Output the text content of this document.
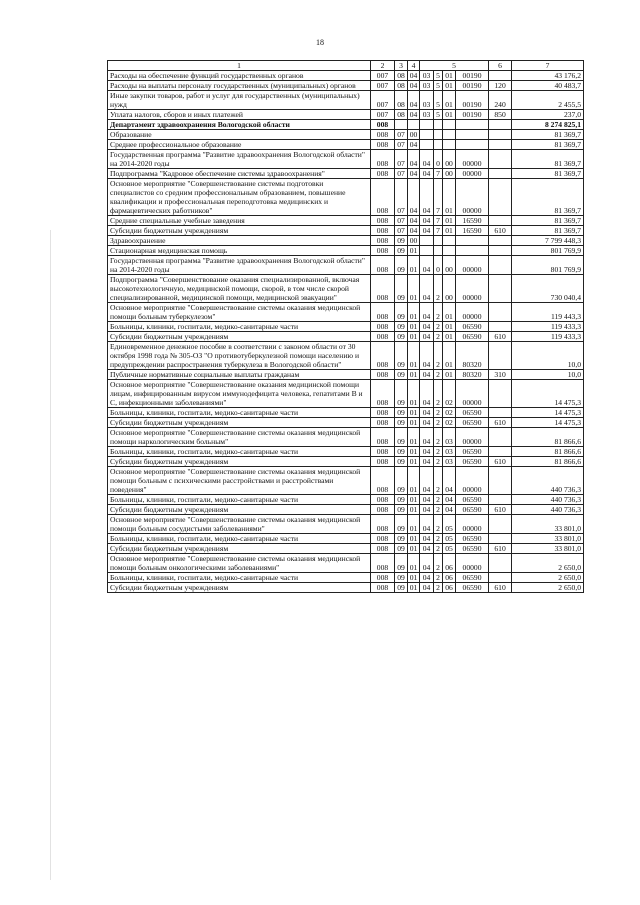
18
1	2	3	4	5				6	7
Расходы на обеспечение функций государственных органов	007	08	04	03	5	01	00190		43 176,2
Расходы на выплаты персоналу государственных (муниципальных) органов	007	08	04	03	5	01	00190	120	40 483,7
Иные закупки товаров, работ и услуг для государственных (муниципальных) нужд	007	08	04	03	5	01	00190	240	2 455,5
Уплата налогов, сборов и иных платежей	007	08	04	03	5	01	00190	850	237,0
Департамент здравоохранения Вологодской области	008								8 274 825,1
Образование	008	07	00						81 369,7
Среднее профессиональное образование	008	07	04						81 369,7
Государственная программа "Развитие здравоохранения Вологодской области" на 2014-2020 годы	008	07	04	04	0	00	00000		81 369,7
Подпрограмма "Кадровое обеспечение системы здравоохранения"	008	07	04	04	7	00	00000		81 369,7
Основное мероприятие "Совершенствование системы подготовки специалистов со средним профессиональным образованием, повышение квалификации и профессиональная переподготовка медицинских и фармацевтических работников"	008	07	04	04	7	01	00000		81 369,7
Средние специальные учебные заведения	008	07	04	04	7	01	16590		81 369,7
Субсидии бюджетным учреждениям	008	07	04	04	7	01	16590	610	81 369,7
Здравоохранение	008	09	00						7 799 448,3
Стационарная медицинская помощь	008	09	01						801 769,9
Государственная программа "Развитие здравоохранения Вологодской области" на 2014-2020 годы	008	09	01	04	0	00	00000		801 769,9
Подпрограмма "Совершенствование оказания специализированной, включая высокотехнологичную, медицинской помощи, скорой, в том числе скорой специализированной, медицинской помощи, медицинской эвакуации"	008	09	01	04	2	00	00000		730 040,4
Основное мероприятие "Совершенствование системы оказания медицинской помощи больным туберкулезом"	008	09	01	04	2	01	00000		119 443,3
Больницы, клиники, госпитали, медико-санитарные части	008	09	01	04	2	01	06590		119 433,3
Субсидии бюджетным учреждениям	008	09	01	04	2	01	06590	610	119 433,3
Единовременное денежное пособие в соответствии с законом области от 30 октября 1998 года № 305-ОЗ "О противотуберкулезной помощи населению и предупреждении распространения туберкулеза в Вологодской области"	008	09	01	04	2	01	80320		10,0
Публичные нормативные социальные выплаты гражданам	008	09	01	04	2	01	80320	310	10,0
Основное мероприятие "Совершенствование оказания медицинской помощи лицам, инфицированным вирусом иммунодефицита человека, гепатитами В и С, инфекционными заболеваниями"	008	09	01	04	2	02	00000		14 475,3
Больницы, клиники, госпитали, медико-санитарные части	008	09	01	04	2	02	06590		14 475,3
Субсидии бюджетным учреждениям	008	09	01	04	2	02	06590	610	14 475,3
Основное мероприятие "Совершенствование системы оказания медицинской помощи наркологическим больным"	008	09	01	04	2	03	00000		81 866,6
Больницы, клиники, госпитали, медико-санитарные части	008	09	01	04	2	03	06590		81 866,6
Субсидии бюджетным учреждениям	008	09	01	04	2	03	06590	610	81 866,6
Основное мероприятие "Совершенствование системы оказания медицинской помощи больным с психическими расстройствами и расстройствами поведения"	008	09	01	04	2	04	00000		440 736,3
Больницы, клиники, госпитали, медико-санитарные части	008	09	01	04	2	04	06590		440 736,3
Субсидии бюджетным учреждениям	008	09	01	04	2	04	06590	610	440 736,3
Основное мероприятие "Совершенствование системы оказания медицинской помощи больным сосудистыми заболеваниями"	008	09	01	04	2	05	00000		33 801,0
Больницы, клиники, госпитали, медико-санитарные части	008	09	01	04	2	05	06590		33 801,0
Субсидии бюджетным учреждениям	008	09	01	04	2	05	06590	610	33 801,0
Основное мероприятие "Совершенствование системы оказания медицинской помощи больным онкологическими заболеваниями"	008	09	01	04	2	06	00000		2 650,0
Больницы, клиники, госпитали, медико-санитарные части	008	09	01	04	2	06	06590		2 650,0
Субсидии бюджетным учреждениям	008	09	01	04	2	06	06590	610	2 650,0
